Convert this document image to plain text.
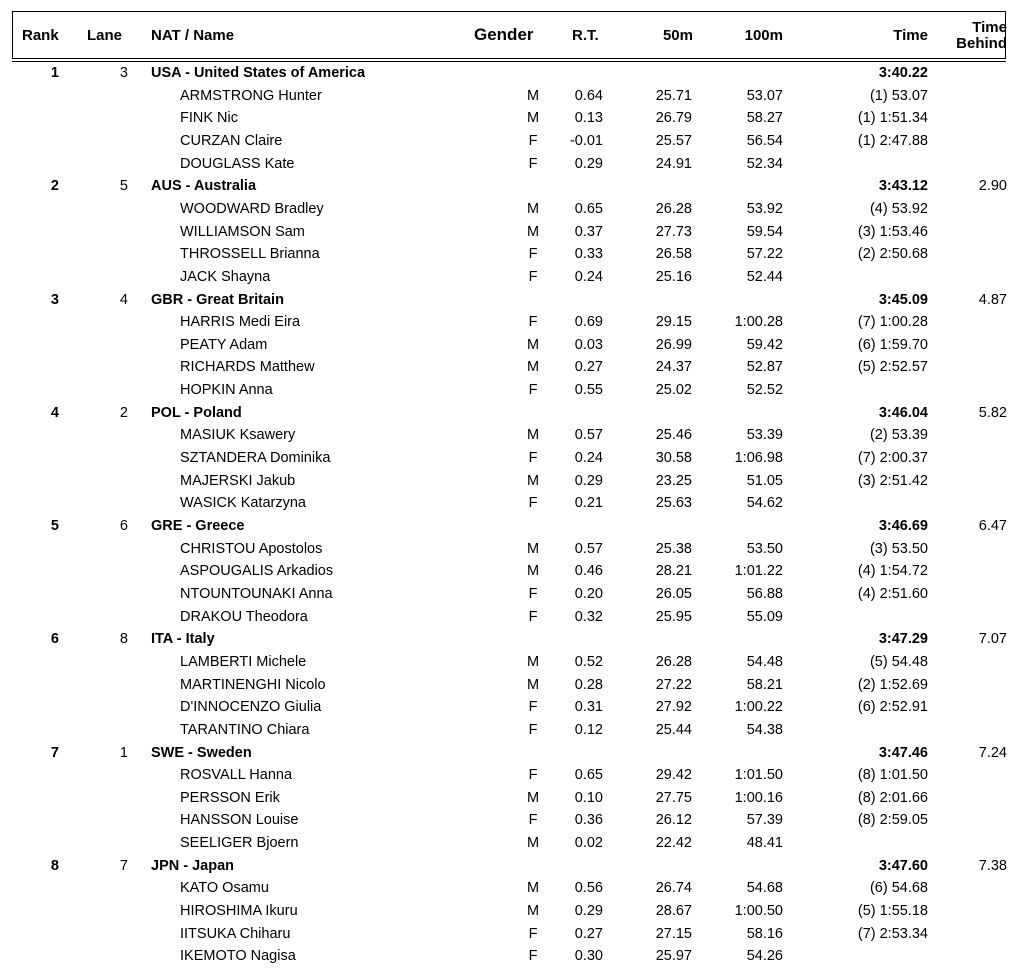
Rank Lane NAT / Name	Gender	R.T.	50m	100m	Time	Time
Behind
1	3 USA - United States of America	3:40.22
ARMSTRONG Hunter	M	0.64	25.71	53.07	(1) 53.07
FINK Nic	M	0.13	26.79	58.27	(1) 1:51.34
CURZAN Claire	F	-0.01	25.57	56.54	(1) 2:47.88
DOUGLASS Kate	F	0.29	24.91	52.34
2	5 AUS - Australia	3:43.12	2.90
WOODWARD Bradley	M	0.65	26.28	53.92	(4) 53.92
WILLIAMSON Sam	M	0.37	27.73	59.54	(3) 1:53.46
THROSSELL Brianna	F	0.33	26.58	57.22	(2) 2:50.68
JACK Shayna	F	0.24	25.16	52.44
3	4 GBR - Great Britain	3:45.09	4.87
HARRIS Medi Eira	F	0.69	29.15	1:00.28	(7) 1:00.28
PEATY Adam	M	0.03	26.99	59.42	(6) 1:59.70
RICHARDS Matthew	M	0.27	24.37	52.87	(5) 2:52.57
HOPKIN Anna	F	0.55	25.02	52.52
4	2 POL - Poland	3:46.04	5.82
MASIUK Ksawery	M	0.57	25.46	53.39	(2) 53.39
SZTANDERA Dominika	F	0.24	30.58	1:06.98	(7) 2:00.37
MAJERSKI Jakub	M	0.29	23.25	51.05	(3) 2:51.42
WASICK Katarzyna	F	0.21	25.63	54.62
5	6 GRE - Greece	3:46.69	6.47
CHRISTOU Apostolos	M	0.57	25.38	53.50	(3) 53.50
ASPOUGALIS Arkadios	M	0.46	28.21	1:01.22	(4) 1:54.72
NTOUNTOUNAKI Anna	F	0.20	26.05	56.88	(4) 2:51.60
DRAKOU Theodora	F	0.32	25.95	55.09
6	8 ITA - Italy	3:47.29	7.07
LAMBERTI Michele	M	0.52	26.28	54.48	(5) 54.48
MARTINENGHI Nicolo	M	0.28	27.22	58.21	(2) 1:52.69
D'INNOCENZO Giulia	F	0.31	27.92	1:00.22	(6) 2:52.91
TARANTINO Chiara	F	0.12	25.44	54.38
7	1 SWE - Sweden	3:47.46	7.24
ROSVALL Hanna	F	0.65	29.42	1:01.50	(8) 1:01.50
PERSSON Erik	M	0.10	27.75	1:00.16	(8) 2:01.66
HANSSON Louise	F	0.36	26.12	57.39	(8) 2:59.05
SEELIGER Bjoern	M	0.02	22.42	48.41
8	7 JPN - Japan	3:47.60	7.38
KATO Osamu	M	0.56	26.74	54.68	(6) 54.68
HIROSHIMA Ikuru	M	0.29	28.67	1:00.50	(5) 1:55.18
IITSUKA Chiharu	F	0.27	27.15	58.16	(7) 2:53.34
IKEMOTO Nagisa	F	0.30	25.97	54.26
